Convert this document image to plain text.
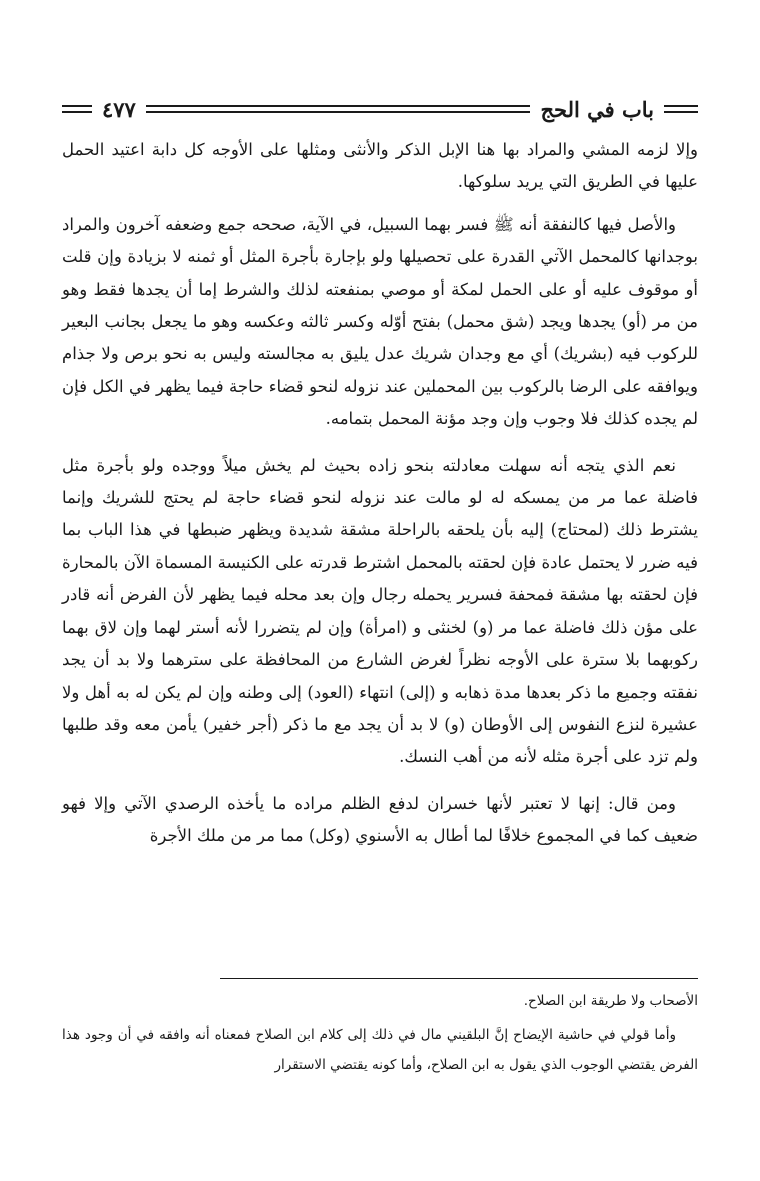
باب في الحج
٤٧٧

وإلا لزمه المشي والمراد بها هنا الإبل الذكر والأنثى ومثلها على الأوجه كل دابة اعتيد الحمل عليها في الطريق التي يريد سلوكها.

والأصل فيها كالنفقة أنه ﷺ فسر بهما السبيل، في الآية، صححه جمع وضعفه آخرون والمراد بوجدانها كالمحمل الآتي القدرة على تحصيلها ولو بإجارة بأجرة المثل أو ثمنه لا بزيادة وإن قلت أو موقوف عليه أو على الحمل لمكة أو موصي بمنفعته لذلك والشرط إما أن يجدها فقط وهو من مر (أو) يجدها ويجد (شق محمل) بفتح أوّله وكسر ثالثه وعكسه وهو ما يجعل بجانب البعير للركوب فيه (بشريك) أي مع وجدان شريك عدل يليق به مجالسته وليس به نحو برص ولا جذام ويوافقه على الرضا بالركوب بين المحملين عند نزوله لنحو قضاء حاجة فيما يظهر في الكل فإن لم يجده كذلك فلا وجوب وإن وجد مؤنة المحمل بتمامه.

نعم الذي يتجه أنه سهلت معادلته بنحو زاده بحيث لم يخش ميلاً ووجده ولو بأجرة مثل فاضلة عما مر من يمسكه له لو مالت عند نزوله لنحو قضاء حاجة لم يحتج للشريك وإنما يشترط ذلك (لمحتاج) إليه بأن يلحقه بالراحلة مشقة شديدة ويظهر ضبطها في هذا الباب بما فيه ضرر لا يحتمل عادة فإن لحقته بالمحمل اشترط قدرته على الكنيسة المسماة الآن بالمحارة فإن لحقته بها مشقة فمحفة فسرير يحمله رجال وإن بعد محله فيما يظهر لأن الفرض أنه قادر على مؤن ذلك فاضلة عما مر (و) لخنثى و (امرأة) وإن لم يتضررا لأنه أستر لهما وإن لاق بهما ركوبهما بلا سترة على الأوجه نظراً لغرض الشارع من المحافظة على سترهما ولا بد أن يجد نفقته وجميع ما ذكر بعدها مدة ذهابه و (إلى) انتهاء (العود) إلى وطنه وإن لم يكن له به أهل ولا عشيرة لنزع النفوس إلى الأوطان (و) لا بد أن يجد مع ما ذكر (أجر خفير) يأمن معه وقد طلبها ولم تزد على أجرة مثله لأنه من أهب النسك.

ومن قال: إنها لا تعتبر لأنها خسران لدفع الظلم مراده ما يأخذه الرصدي الآتي وإلا فهو ضعيف كما في المجموع خلافًا لما أطال به الأسنوي (وكل) مما مر من ملك الأجرة

الأصحاب ولا طريقة ابن الصلاح.

وأما قولي في حاشية الإيضاح إنَّ البلقيني مال في ذلك إلى كلام ابن الصلاح فمعناه أنه وافقه في أن وجود هذا الفرض يقتضي الوجوب الذي يقول به ابن الصلاح، وأما كونه يقتضي الاستقرار
